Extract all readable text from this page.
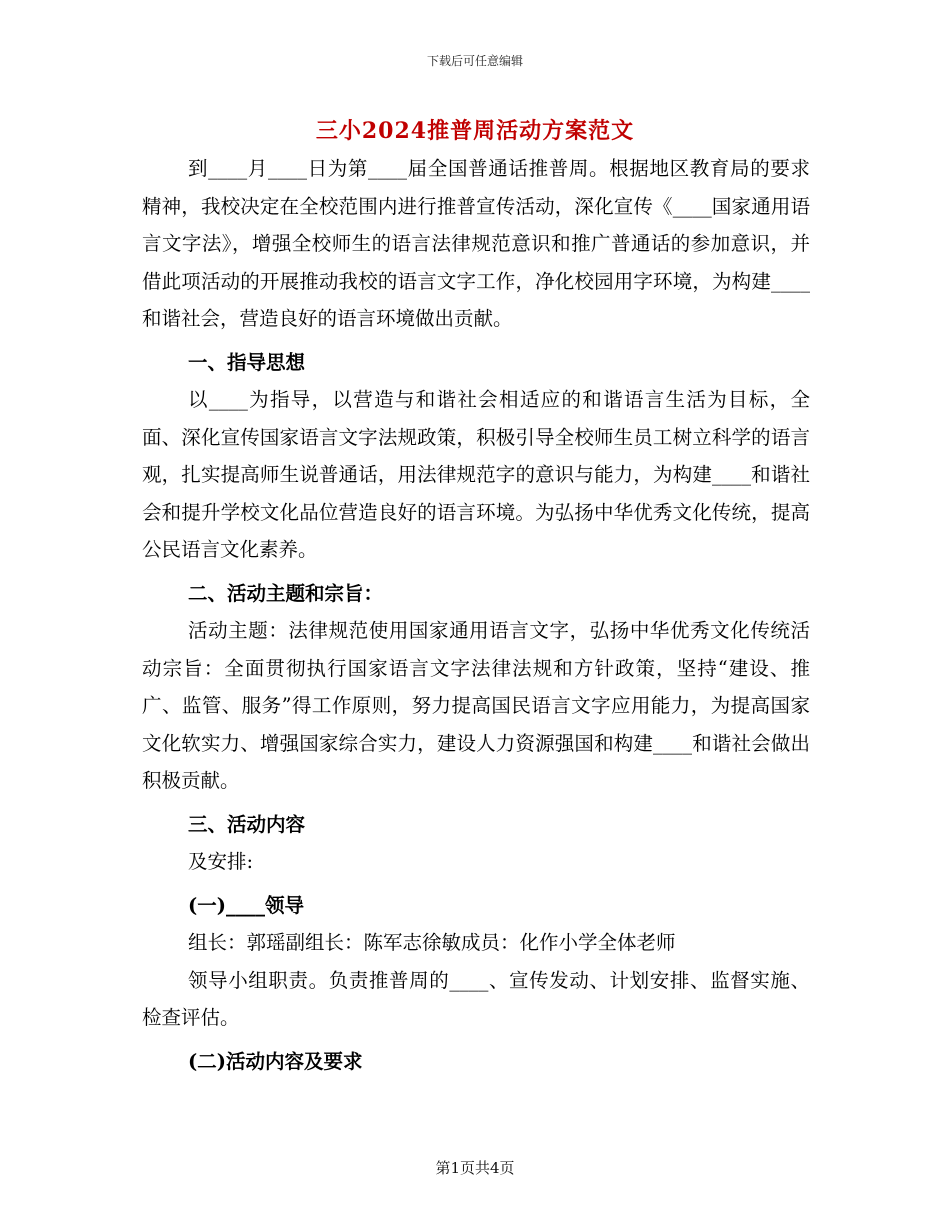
下载后可任意编辑
三小2024推普周活动方案范文

到____月____日为第____届全国普通话推普周。根据地区教育局的要求精神，我校决定在全校范围内进行推普宣传活动，深化宣传《____国家通用语言文字法》，增强全校师生的语言法律规范意识和推广普通话的参加意识，并借此项活动的开展推动我校的语言文字工作，净化校园用字环境，为构建____和谐社会，营造良好的语言环境做出贡献。

一、指导思想

以____为指导，以营造与和谐社会相适应的和谐语言生活为目标，全面、深化宣传国家语言文字法规政策，积极引导全校师生员工树立科学的语言观，扎实提高师生说普通话，用法律规范字的意识与能力，为构建____和谐社会和提升学校文化品位营造良好的语言环境。为弘扬中华优秀文化传统，提高公民语言文化素养。

二、活动主题和宗旨：

活动主题：法律规范使用国家通用语言文字，弘扬中华优秀文化传统活动宗旨：全面贯彻执行国家语言文字法律法规和方针政策，坚持“建设、推广、监管、服务”得工作原则，努力提高国民语言文字应用能力，为提高国家文化软实力、增强国家综合实力，建设人力资源强国和构建____和谐社会做出积极贡献。

三、活动内容

及安排:

(一)____领导

组长：郭瑶副组长：陈军志徐敏成员：化作小学全体老师

领导小组职责。负责推普周的____、宣传发动、计划安排、监督实施、检查评估。

(二)活动内容及要求

第1页共4页
